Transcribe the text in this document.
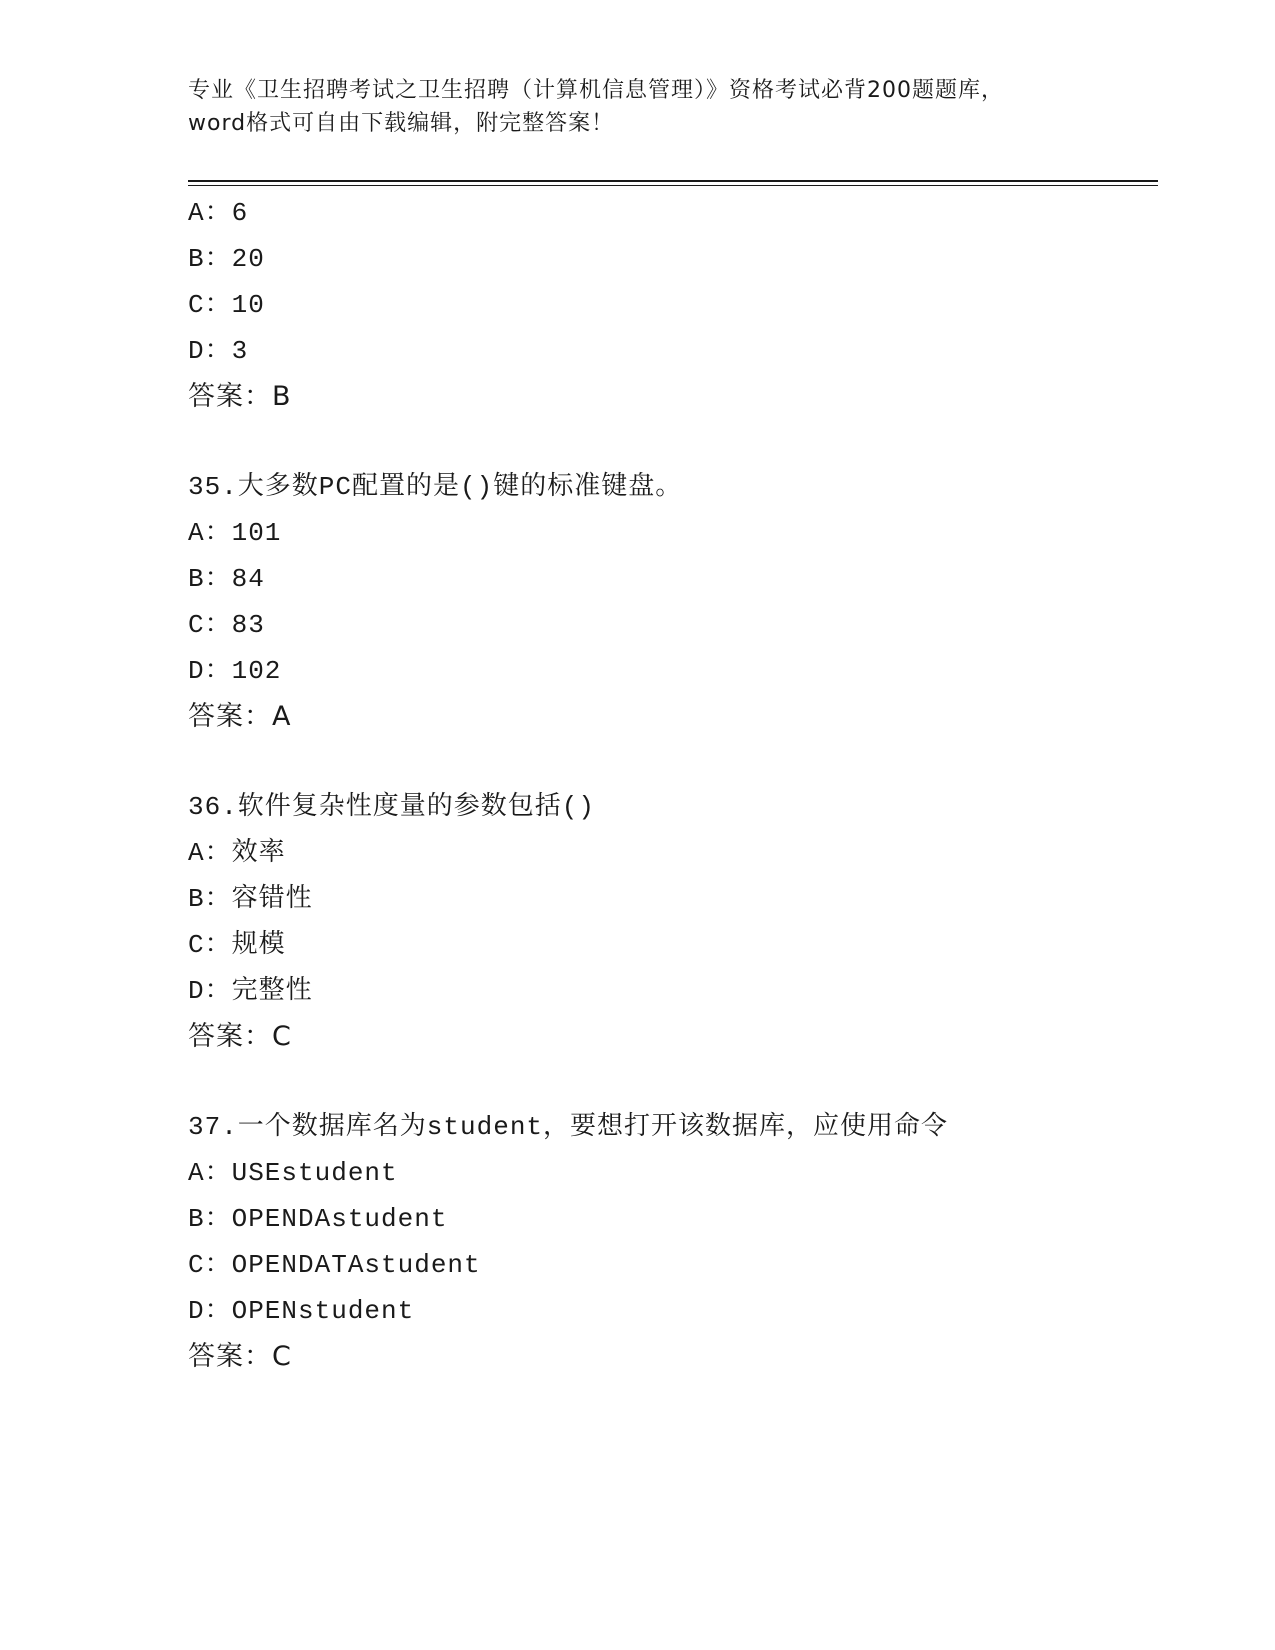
专业《卫生招聘考试之卫生招聘（计算机信息管理）》资格考试必背200题题库，
word格式可自由下载编辑，附完整答案！
A：6
B：20
C：10
D：3
答案：B
35.大多数PC配置的是()键的标准键盘。
A：101
B：84
C：83
D：102
答案：A
36.软件复杂性度量的参数包括()
A：效率
B：容错性
C：规模
D：完整性
答案：C
37.一个数据库名为student，要想打开该数据库，应使用命令
A：USEstudent
B：OPENDAstudent
C：OPENDATAstudent
D：OPENstudent
答案：C
